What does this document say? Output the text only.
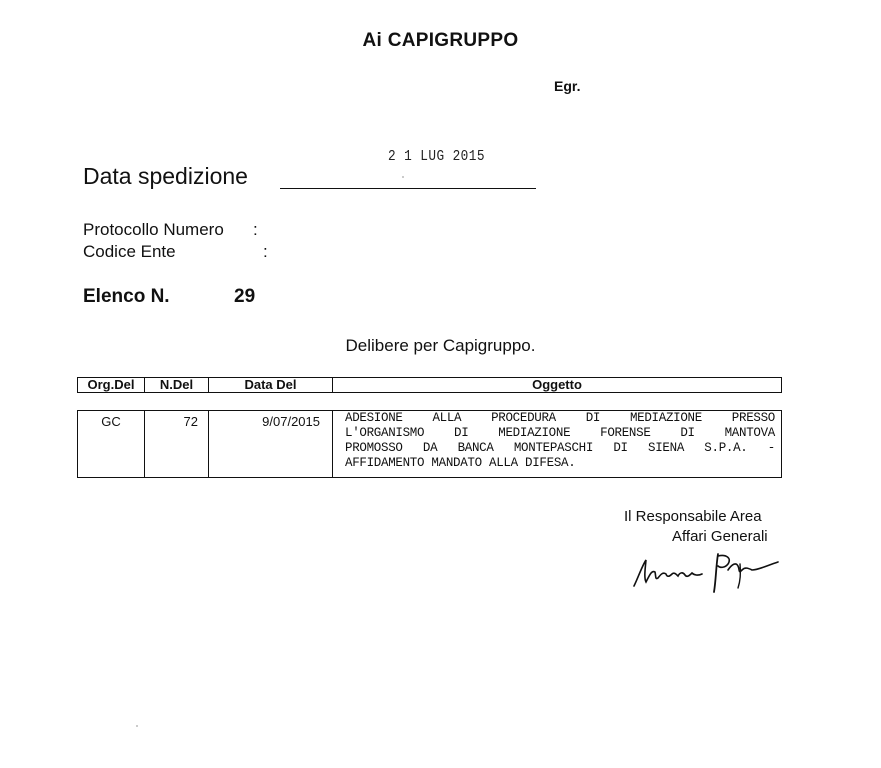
Ai CAPIGRUPPO
Egr.
2 1 LUG 2015
Data spedizione
Protocollo Numero :
Codice Ente	:
Elenco N.	29
Delibere per Capigruppo.
Org.Del	N.Del	Data Del	Oggetto
GC	72	9/07/2015	ADESIONE ALLA PROCEDURA DI MEDIAZIONE PRESSO
L'ORGANISMO DI MEDIAZIONE FORENSE DI MANTOVA
PROMOSSO DA BANCA MONTEPASCHI DI SIENA S.P.A. -
AFFIDAMENTO MANDATO ALLA DIFESA.
Il Responsabile Area
Affari Generali
